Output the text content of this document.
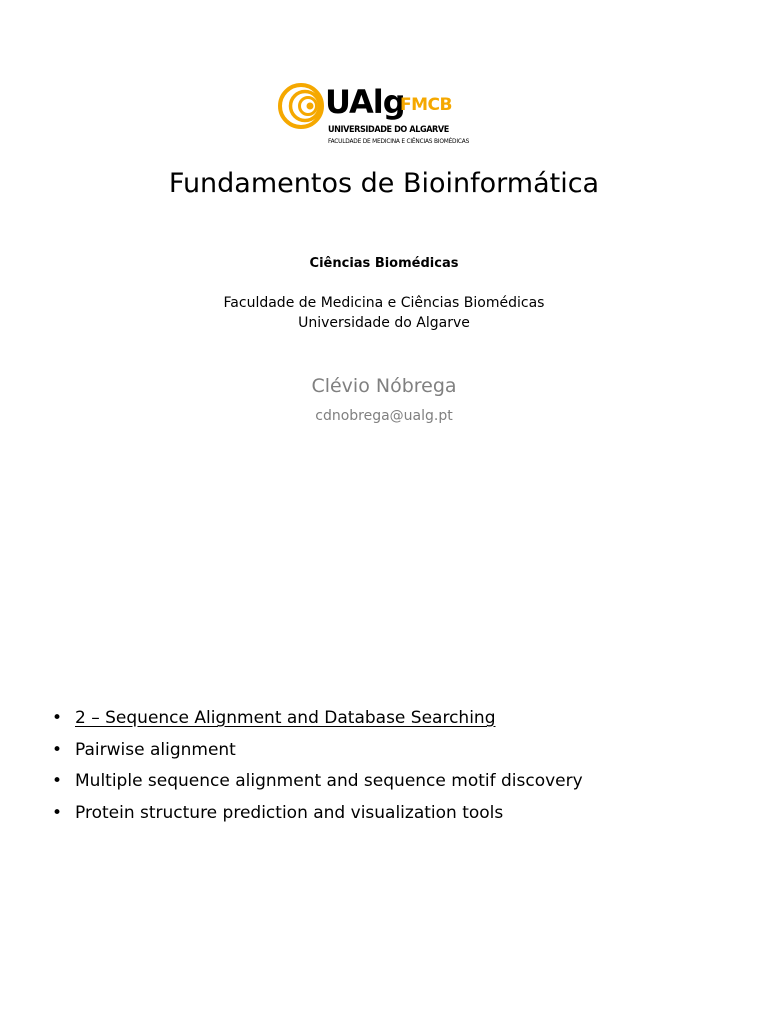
UAlg
FMCB
UNIVERSIDADE DO ALGARVE
FACULDADE DE MEDICINA E CIÊNCIAS BIOMÉDICAS
Fundamentos de Bioinformática
Ciências Biomédicas
Faculdade de Medicina e Ciências Biomédicas
Universidade do Algarve
Clévio Nóbrega
cdnobrega@ualg.pt
• 2 – Sequence Alignment and Database Searching
• Pairwise alignment
• Multiple sequence alignment and sequence motif discovery
• Protein structure prediction and visualization tools
